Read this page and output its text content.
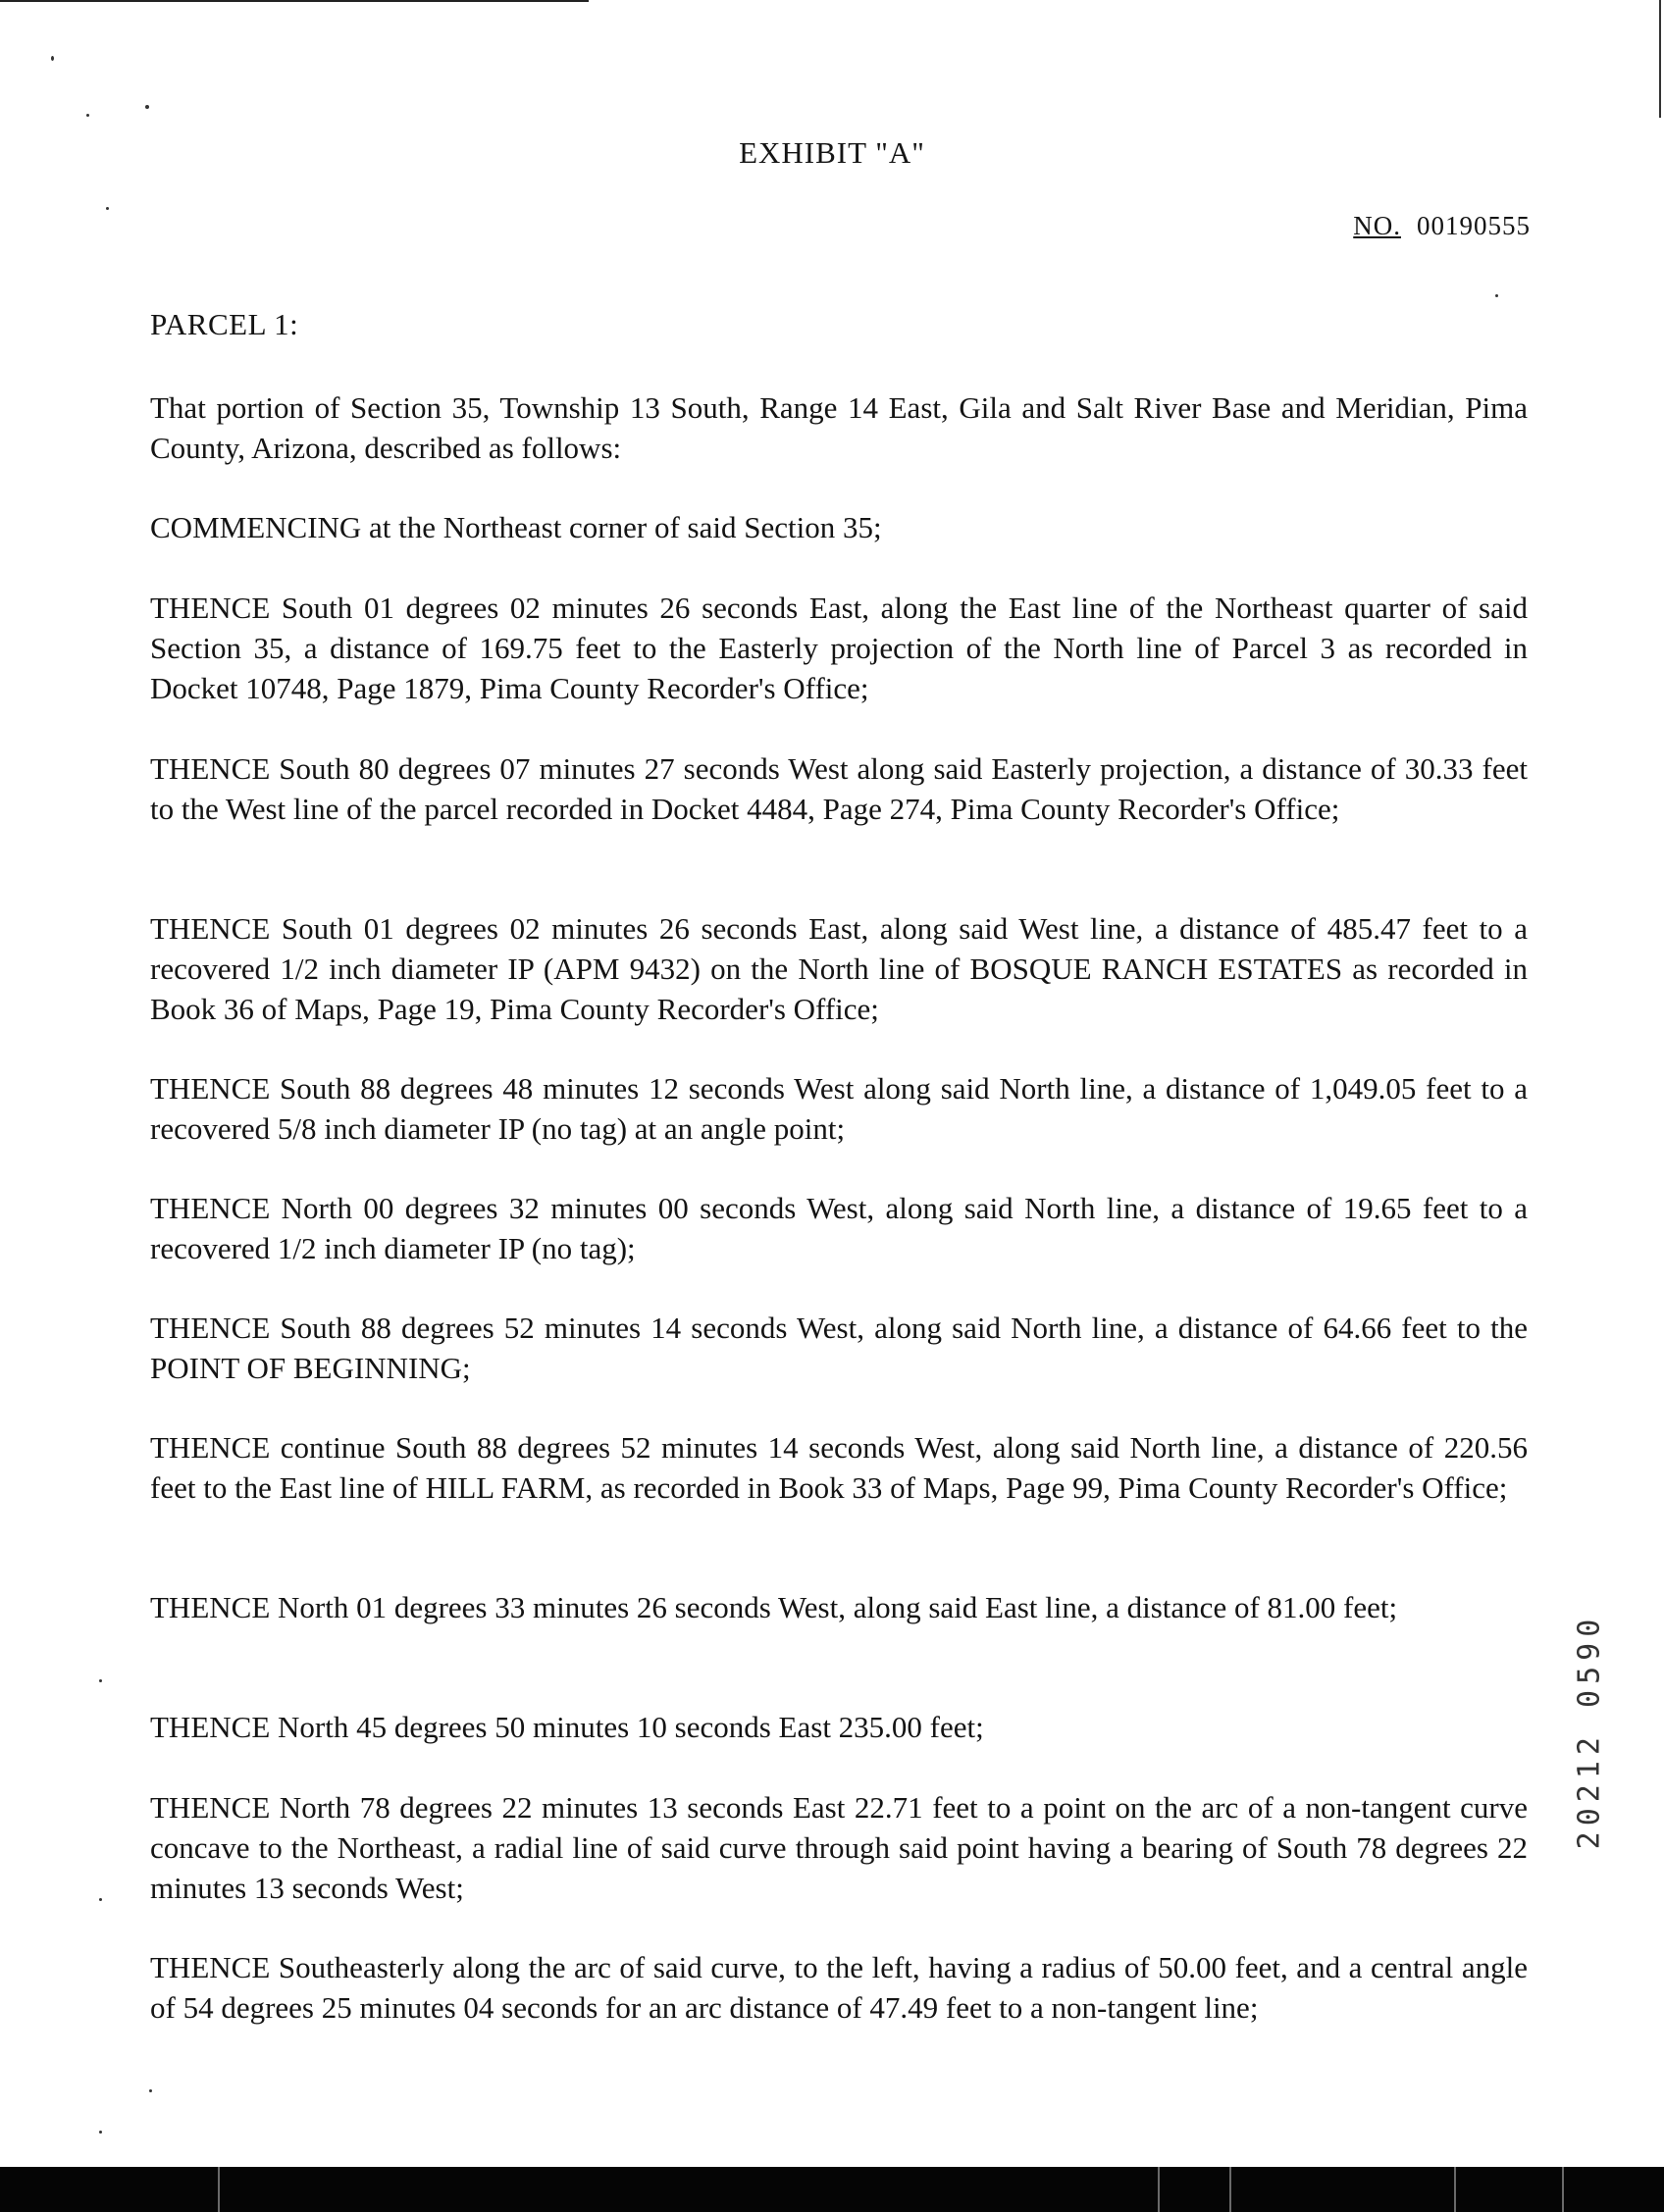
EXHIBIT "A"
NO. 00190555
PARCEL 1:

That portion of Section 35, Township 13 South, Range 14 East, Gila and Salt River Base and Meridian, Pima County, Arizona, described as follows:

COMMENCING at the Northeast corner of said Section 35;

THENCE South 01 degrees 02 minutes 26 seconds East, along the East line of the Northeast quarter of said Section 35, a distance of 169.75 feet to the Easterly projection of the North line of Parcel 3 as recorded in Docket 10748, Page 1879, Pima County Recorder's Office;

THENCE South 80 degrees 07 minutes 27 seconds West along said Easterly projection, a distance of 30.33 feet to the West line of the parcel recorded in Docket 4484, Page 274, Pima County Recorder's Office;

THENCE South 01 degrees 02 minutes 26 seconds East, along said West line, a distance of 485.47 feet to a recovered 1/2 inch diameter IP (APM 9432) on the North line of BOSQUE RANCH ESTATES as recorded in Book 36 of Maps, Page 19, Pima County Recorder's Office;

THENCE South 88 degrees 48 minutes 12 seconds West along said North line, a distance of 1,049.05 feet to a recovered 5/8 inch diameter IP (no tag) at an angle point;

THENCE North 00 degrees 32 minutes 00 seconds West, along said North line, a distance of 19.65 feet to a recovered 1/2 inch diameter IP (no tag);

THENCE South 88 degrees 52 minutes 14 seconds West, along said North line, a distance of 64.66 feet to the POINT OF BEGINNING;

THENCE continue South 88 degrees 52 minutes 14 seconds West, along said North line, a distance of 220.56 feet to the East line of HILL FARM, as recorded in Book 33 of Maps, Page 99, Pima County Recorder's Office;

THENCE North 01 degrees 33 minutes 26 seconds West, along said East line, a distance of 81.00 feet;

THENCE North 45 degrees 50 minutes 10 seconds East 235.00 feet;

THENCE North 78 degrees 22 minutes 13 seconds East 22.71 feet to a point on the arc of a non-tangent curve concave to the Northeast, a radial line of said curve through said point having a bearing of South 78 degrees 22 minutes 13 seconds West;

THENCE Southeasterly along the arc of said curve, to the left, having a radius of 50.00 feet, and a central angle of 54 degrees 25 minutes 04 seconds for an arc distance of 47.49 feet to a non-tangent line;

20212 0590
